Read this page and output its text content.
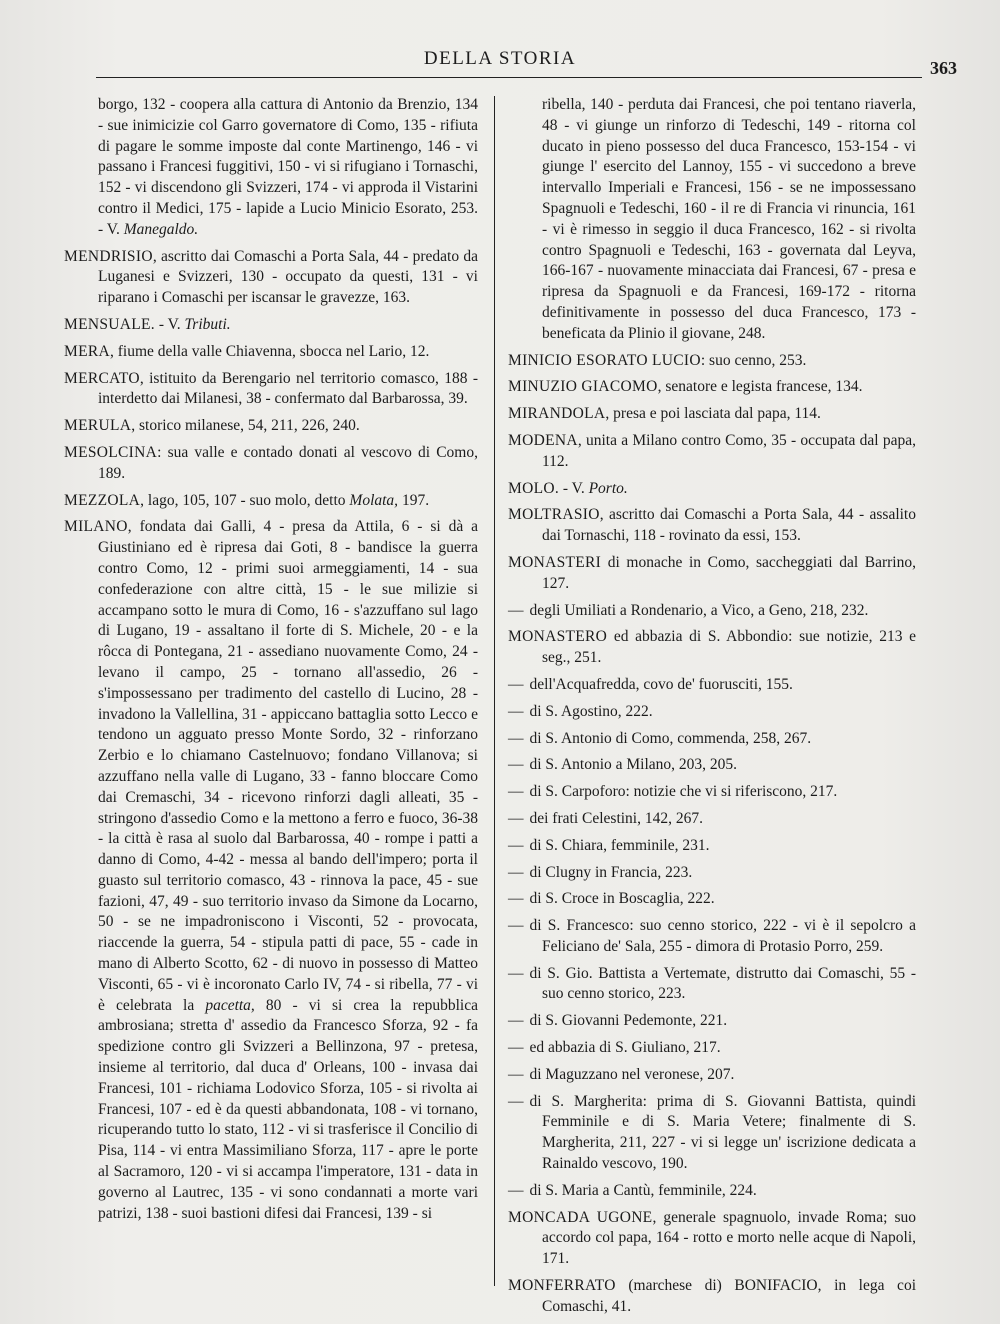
DELLA STORIA	363
borgo, 132 - coopera alla cattura di Antonio da Brenzio, 134 - sue inimicizie col Garro governatore di Como, 135 - rifiuta di pagare le somme imposte dal conte Martinengo, 146 - vi passano i Francesi fuggitivi, 150 - vi si rifugiano i Tornaschi, 152 - vi discendono gli Svizzeri, 174 - vi approda il Vistarini contro il Medici, 175 - lapide a Lucio Minicio Esorato, 253. - V. Manegaldo.
MENDRISIO, ascritto dai Comaschi a Porta Sala, 44 - predato da Luganesi e Svizzeri, 130 - occupato da questi, 131 - vi riparano i Comaschi per iscansar le gravezze, 163.
MENSUALE. - V. Tributi.
MERA, fiume della valle Chiavenna, sbocca nel Lario, 12.
MERCATO, istituito da Berengario nel territorio comasco, 188 - interdetto dai Milanesi, 38 - confermato dal Barbarossa, 39.
MERULA, storico milanese, 54, 211, 226, 240.
MESOLCINA: sua valle e contado donati al vescovo di Como, 189.
MEZZOLA, lago, 105, 107 - suo molo, detto Molata, 197.
MILANO, fondata dai Galli, 4 - presa da Attila, 6 - si dà a Giustiniano ed è ripresa dai Goti, 8 - bandisce la guerra contro Como, 12 - primi suoi armeggiamenti, 14 - sua confederazione con altre città, 15 - le sue milizie si accampano sotto le mura di Como, 16 - s'azzuffano sul lago di Lugano, 19 - assaltano il forte di S. Michele, 20 - e la rôcca di Pontegana, 21 - assediano nuovamente Como, 24 - levano il campo, 25 - tornano all'assedio, 26 - s'impossessano per tradimento del castello di Lucino, 28 - invadono la Vallellina, 31 - appiccano battaglia sotto Lecco e tendono un agguato presso Monte Sordo, 32 - rinforzano Zerbio e lo chiamano Castelnuovo; fondano Villanova; si azzuffano nella valle di Lugano, 33 - fanno bloccare Como dai Cremaschi, 34 - ricevono rinforzi dagli alleati, 35 - stringono d'assedio Como e la mettono a ferro e fuoco, 36-38 - la città è rasa al suolo dal Barbarossa, 40 - rompe i patti a danno di Como, 4-42 - messa al bando dell'impero; porta il guasto sul territorio comasco, 43 - rinnova la pace, 45 - sue fazioni, 47, 49 - suo territorio invaso da Simone da Locarno, 50 - se ne impadroniscono i Visconti, 52 - provocata, riaccende la guerra, 54 - stipula patti di pace, 55 - cade in mano di Alberto Scotto, 62 - di nuovo in possesso di Matteo Visconti, 65 - vi è incoronato Carlo IV, 74 - si ribella, 77 - vi è celebrata la pacetta, 80 - vi si crea la repubblica ambrosiana; stretta d' assedio da Francesco Sforza, 92 - fa spedizione contro gli Svizzeri a Bellinzona, 97 - pretesa, insieme al territorio, dal duca d' Orleans, 100 - invasa dai Francesi, 101 - richiama Lodovico Sforza, 105 - si rivolta ai Francesi, 107 - ed è da questi abbandonata, 108 - vi tornano, ricuperando tutto lo stato, 112 - vi si trasferisce il Concilio di Pisa, 114 - vi entra Massimiliano Sforza, 117 - apre le porte al Sacramoro, 120 - vi si accampa l'imperatore, 131 - data in governo al Lautrec, 135 - vi sono condannati a morte vari patrizi, 138 - suoi bastioni difesi dai Francesi, 139 - si
ribella, 140 - perduta dai Francesi, che poi tentano riaverla, 48 - vi giunge un rinforzo di Tedeschi, 149 - ritorna col ducato in pieno possesso del duca Francesco, 153-154 - vi giunge l' esercito del Lannoy, 155 - vi succedono a breve intervallo Imperiali e Francesi, 156 - se ne impossessano Spagnuoli e Tedeschi, 160 - il re di Francia vi rinuncia, 161 - vi è rimesso in seggio il duca Francesco, 162 - si rivolta contro Spagnuoli e Tedeschi, 163 - governata dal Leyva, 166-167 - nuovamente minacciata dai Francesi, 67 - presa e ripresa da Spagnuoli e da Francesi, 169-172 - ritorna definitivamente in possesso del duca Francesco, 173 - beneficata da Plinio il giovane, 248.
MINICIO ESORATO LUCIO: suo cenno, 253.
MINUZIO GIACOMO, senatore e legista francese, 134.
MIRANDOLA, presa e poi lasciata dal papa, 114.
MODENA, unita a Milano contro Como, 35 - occupata dal papa, 112.
MOLO. - V. Porto.
MOLTRASIO, ascritto dai Comaschi a Porta Sala, 44 - assalito dai Tornaschi, 118 - rovinato da essi, 153.
MONASTERI di monache in Como, saccheggiati dal Barrino, 127.
— degli Umiliati a Rondenario, a Vico, a Geno, 218, 232.
MONASTERO ed abbazia di S. Abbondio: sue notizie, 213 e seg., 251.
— dell'Acquafredda, covo de' fuorusciti, 155.
— di S. Agostino, 222.
— di S. Antonio di Como, commenda, 258, 267.
— di S. Antonio a Milano, 203, 205.
— di S. Carpoforo: notizie che vi si riferiscono, 217.
— dei frati Celestini, 142, 267.
— di S. Chiara, femminile, 231.
— di Clugny in Francia, 223.
— di S. Croce in Boscaglia, 222.
— di S. Francesco: suo cenno storico, 222 - vi è il sepolcro a Feliciano de' Sala, 255 - dimora di Protasio Porro, 259.
— di S. Gio. Battista a Vertemate, distrutto dai Comaschi, 55 - suo cenno storico, 223.
— di S. Giovanni Pedemonte, 221.
— ed abbazia di S. Giuliano, 217.
— di Maguzzano nel veronese, 207.
— di S. Margherita: prima di S. Giovanni Battista, quindi Femminile e di S. Maria Vetere; finalmente di S. Margherita, 211, 227 - vi si legge un' iscrizione dedicata a Rainaldo vescovo, 190.
— di S. Maria a Cantù, femminile, 224.
MONCADA UGONE, generale spagnuolo, invade Roma; suo accordo col papa, 164 - rotto e morto nelle acque di Napoli, 171.
MONFERRATO (marchese di) BONIFACIO, in lega coi Comaschi, 41.
